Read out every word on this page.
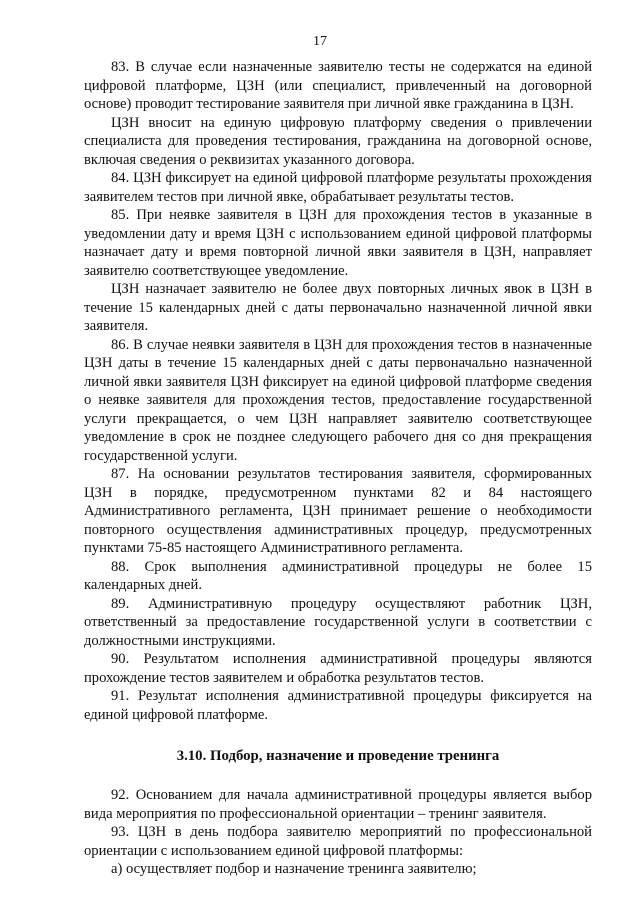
17

83. В случае если назначенные заявителю тесты не содержатся на единой цифровой платформе, ЦЗН (или специалист, привлеченный на договорной основе) проводит тестирование заявителя при личной явке гражданина в ЦЗН.

ЦЗН вносит на единую цифровую платформу сведения о привлечении специалиста для проведения тестирования, гражданина на договорной основе, включая сведения о реквизитах указанного договора.

84. ЦЗН фиксирует на единой цифровой платформе результаты прохождения заявителем тестов при личной явке, обрабатывает результаты тестов.

85. При неявке заявителя в ЦЗН для прохождения тестов в указанные в уведомлении дату и время ЦЗН с использованием единой цифровой платформы назначает дату и время повторной личной явки заявителя в ЦЗН, направляет заявителю соответствующее уведомление.

ЦЗН назначает заявителю не более двух повторных личных явок в ЦЗН в течение 15 календарных дней с даты первоначально назначенной личной явки заявителя.

86. В случае неявки заявителя в ЦЗН для прохождения тестов в назначенные ЦЗН даты в течение 15 календарных дней с даты первоначально назначенной личной явки заявителя ЦЗН фиксирует на единой цифровой платформе сведения о неявке заявителя для прохождения тестов, предоставление государственной услуги прекращается, о чем ЦЗН направляет заявителю соответствующее уведомление в срок не позднее следующего рабочего дня со дня прекращения государственной услуги.

87. На основании результатов тестирования заявителя, сформированных ЦЗН в порядке, предусмотренном пунктами 82 и 84 настоящего Административного регламента, ЦЗН принимает решение о необходимости повторного осуществления административных процедур, предусмотренных пунктами 75-85 настоящего Административного регламента.

88. Срок выполнения административной процедуры не более 15 календарных дней.

89. Административную процедуру осуществляют работник ЦЗН, ответственный за предоставление государственной услуги в соответствии с должностными инструкциями.

90. Результатом исполнения административной процедуры являются прохождение тестов заявителем и обработка результатов тестов.

91. Результат исполнения административной процедуры фиксируется на единой цифровой платформе.

3.10. Подбор, назначение и проведение тренинга

92. Основанием для начала административной процедуры является выбор вида мероприятия по профессиональной ориентации – тренинг заявителя.

93. ЦЗН в день подбора заявителю мероприятий по профессиональной ориентации с использованием единой цифровой платформы:

а) осуществляет подбор и назначение тренинга заявителю;
